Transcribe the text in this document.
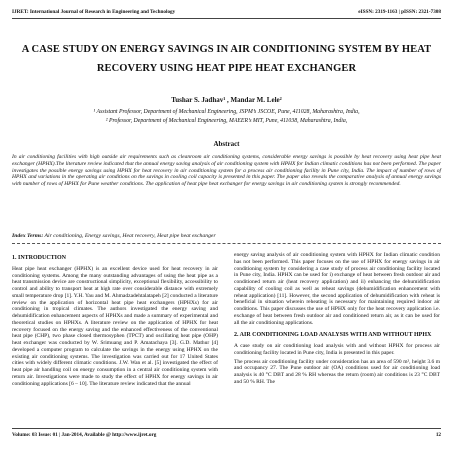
IJRET: International Journal of Research in Engineering and Technology	eISSN: 2319-1163 | pISSN: 2321-7308
A CASE STUDY ON ENERGY SAVINGS IN AIR CONDITIONING SYSTEM BY HEAT RECOVERY USING HEAT PIPE HEAT EXCHANGER
Tushar S. Jadhav¹ , Mandar M. Lele²
¹ Assistant Professor, Department of Mechanical Engineering, JSPM’s JSCOE, Pune, 411028, Maharashtra, India,
² Professor, Department of Mechanical Engineering, MAEER’s MIT, Pune, 411038, Maharashtra, India,
Abstract
In air conditioning facilities with high outside air requirements such as cleanroom air conditioning systems, considerable energy savings is possible by heat recovery using heat pipe heat exchanger (HPHX).The literature review indicated that the annual energy saving analysis of air conditioning system with HPHX for Indian climatic conditions has not been performed. The paper investigates the possible energy savings using HPHX for heat recovery in air conditioning system for a process air conditioning facility in Pune city, India. The impact of number of rows of HPHX and variations in the operating air conditions on the savings in cooling coil capacity is presented in this paper. The paper also reveals the comparative analysis of annual energy savings with number of rows of HPHX for Pune weather conditions. The application of heat pipe heat exchanger for energy savings in air conditioning system is strongly recommended.
Index Terms: Air conditioning, Energy savings, Heat recovery, Heat pipe heat exchanger
1. INTRODUCTION
Heat pipe heat exchanger (HPHX) is an excellent device used for heat recovery in air conditioning systems. Among the many outstanding advantages of using the heat pipe as a heat transmission device are constructional simplicity, exceptional flexibility, accessibility to control and ability to transport heat at high rate over considerable distance with extremely small temperature drop [1]. Y.H. Yau and M. Ahmadzadehtalatapeh [2] conducted a literature review on the application of horizontal heat pipe heat exchangers (HPHXs) for air conditioning in tropical climates. The authors investigated the energy saving and dehumidification enhancement aspects of HPHXs and made a summary of experimental and theoretical studies on HPHXs. A literature review on the application of HPHX for heat recovery focused on the energy saving and the enhanced effectiveness of the conventional heat pipe (CHP), two phase closed thermosyphen (TPCT) and oscillating heat pipe (OHP) heat exchanger was conducted by W. Srimuang and P. Amatachaya [3]. G.D. Mathur [4] developed a computer program to calculate the savings in the energy using HPHX on the existing air conditioning systems. The investigation was carried out for 17 United States cities with widely different climatic conditions. J.W. Wan et al. [5] investigated the effect of heat pipe air handling coil on energy consumption in a central air conditioning system with return air. Investigations were made to study the effect of HPHX for energy savings in air conditioning applications [6 – 10]. The literature review indicated that the annual
energy saving analysis of air conditioning system with HPHX for Indian climatic condition has not been performed. This paper focuses on the use of HPHX for energy savings in air conditioning system by considering a case study of process air conditioning facility located in Pune city, India. HPHX can be used for i) exchange of heat between fresh outdoor air and conditioned return air (heat recovery application) and ii) enhancing the dehumidification capability of cooling coil as well as reheat savings (dehumidification enhancement with reheat application) [11]. However, the second application of dehumidification with reheat is beneficial in situation wherein reheating is necessary for maintaining required indoor air conditions. This paper discusses the use of HPHX only for the heat recovery application i.e. exchange of heat between fresh outdoor air and conditioned return air, as it can be used for all the air conditioning applications.
2. AIR CONDITIONING LOAD ANALYSIS WITH AND WITHOUT HPHX
A case study on air conditioning load analysis with and without HPHX for process air conditioning facility located in Pune city, India is presented in this paper.
The process air conditioning facility under consideration has an area of 590 m², height 3.6 m and occupancy 27. The Pune outdoor air (OA) conditions used for air conditioning load analysis is 40 °C DBT and 28 % RH whereas the return (room) air conditions is 23 °C DBT and 50 % RH. The
Volume: 03 Issue: 01 | Jan-2014, Available @ http://www.ijret.org	12
